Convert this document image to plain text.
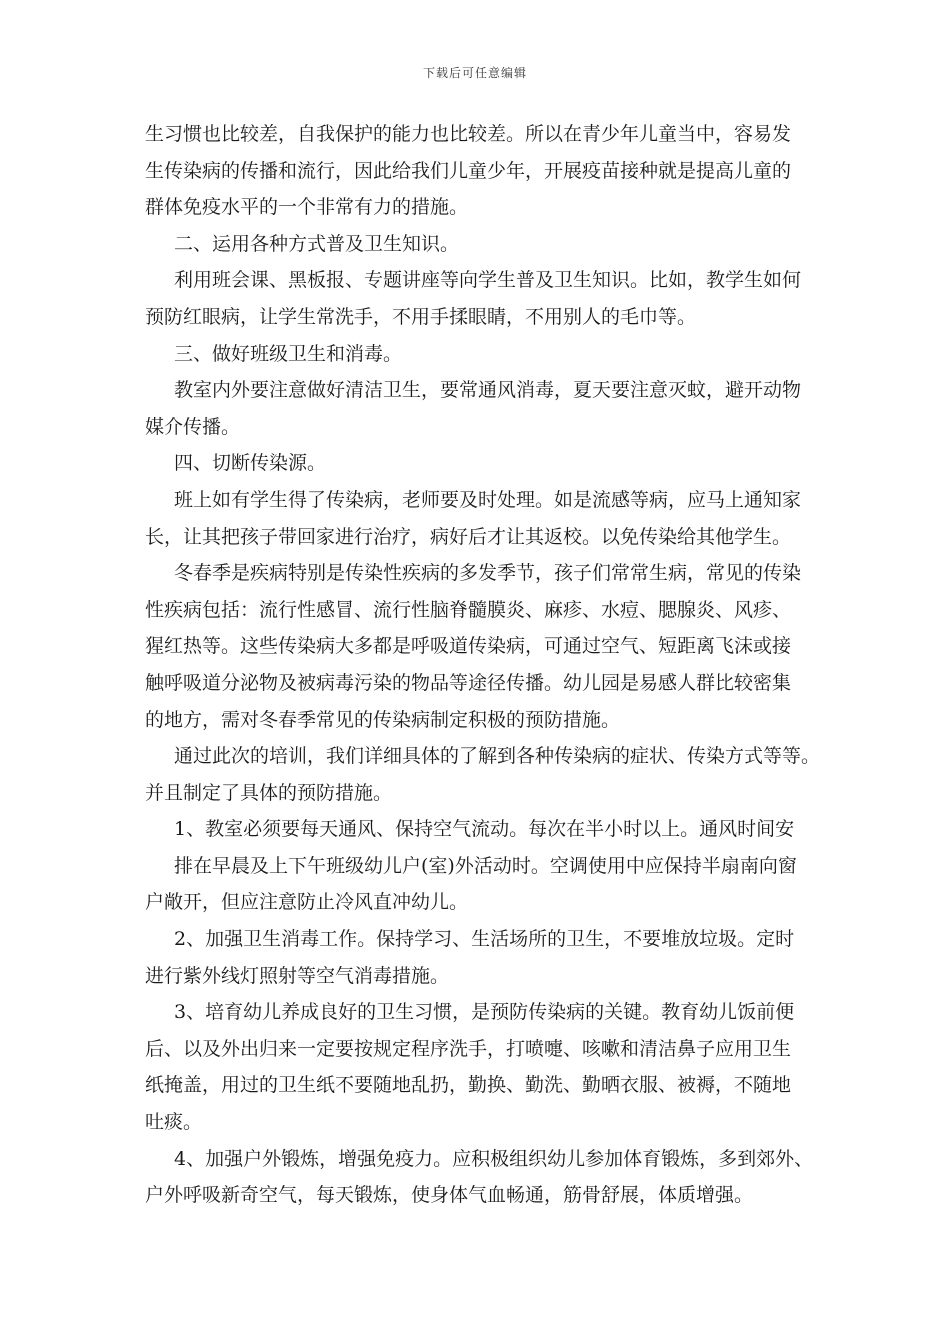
下载后可任意编辑
生习惯也比较差，自我保护的能力也比较差。所以在青少年儿童当中，容易发
生传染病的传播和流行，因此给我们儿童少年，开展疫苗接种就是提高儿童的
群体免疫水平的一个非常有力的措施。
二、运用各种方式普及卫生知识。
利用班会课、黑板报、专题讲座等向学生普及卫生知识。比如，教学生如何
预防红眼病，让学生常洗手，不用手揉眼睛，不用别人的毛巾等。
三、做好班级卫生和消毒。
教室内外要注意做好清洁卫生，要常通风消毒，夏天要注意灭蚊，避开动物
媒介传播。
四、切断传染源。
班上如有学生得了传染病，老师要及时处理。如是流感等病，应马上通知家
长，让其把孩子带回家进行治疗，病好后才让其返校。以免传染给其他学生。
冬春季是疾病特别是传染性疾病的多发季节，孩子们常常生病，常见的传染
性疾病包括：流行性感冒、流行性脑脊髓膜炎、麻疹、水痘、腮腺炎、风疹、
猩红热等。这些传染病大多都是呼吸道传染病，可通过空气、短距离飞沫或接
触呼吸道分泌物及被病毒污染的物品等途径传播。幼儿园是易感人群比较密集
的地方，需对冬春季常见的传染病制定积极的预防措施。
通过此次的培训，我们详细具体的了解到各种传染病的症状、传染方式等等。
并且制定了具体的预防措施。
1、教室必须要每天通风、保持空气流动。每次在半小时以上。通风时间安
排在早晨及上下午班级幼儿户(室)外活动时。空调使用中应保持半扇南向窗
户敞开，但应注意防止冷风直冲幼儿。
2、加强卫生消毒工作。保持学习、生活场所的卫生，不要堆放垃圾。定时
进行紫外线灯照射等空气消毒措施。
3、培育幼儿养成良好的卫生习惯，是预防传染病的关键。教育幼儿饭前便
后、以及外出归来一定要按规定程序洗手，打喷嚏、咳嗽和清洁鼻子应用卫生
纸掩盖，用过的卫生纸不要随地乱扔，勤换、勤洗、勤晒衣服、被褥，不随地
吐痰。
4、加强户外锻炼，增强免疫力。应积极组织幼儿参加体育锻炼，多到郊外、
户外呼吸新奇空气，每天锻炼，使身体气血畅通，筋骨舒展，体质增强。
